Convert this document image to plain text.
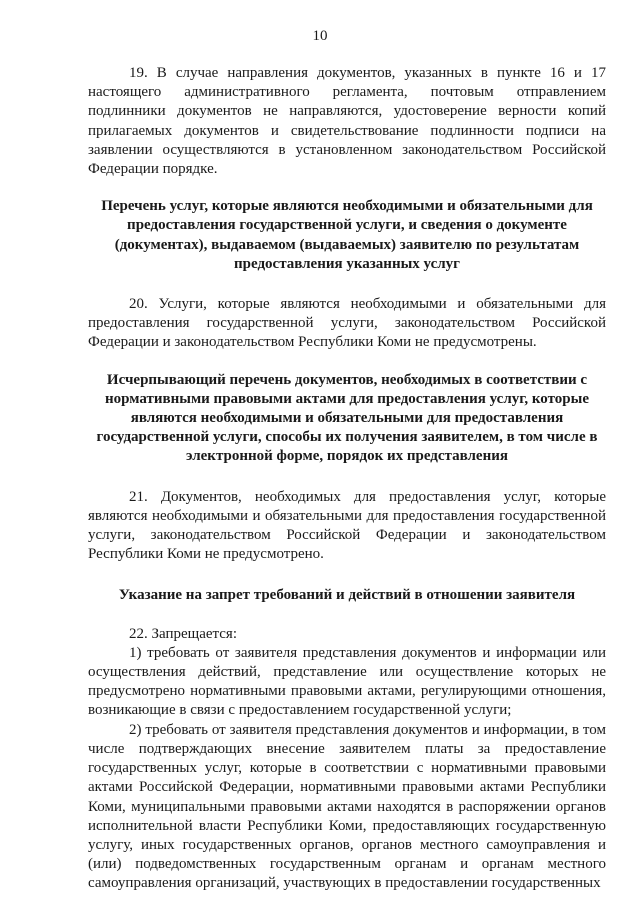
10

19. В случае направления документов, указанных в пункте 16 и 17 настоящего административного регламента, почтовым отправлением подлинники документов не направляются, удостоверение верности копий прилагаемых документов и свидетельствование подлинности подписи на заявлении осуществляются в установленном законодательством Российской Федерации порядке.

Перечень услуг, которые являются необходимыми и обязательными для предоставления государственной услуги, и сведения о документе (документах), выдаваемом (выдаваемых) заявителю по результатам предоставления указанных услуг

20. Услуги, которые являются необходимыми и обязательными для предоставления государственной услуги, законодательством Российской Федерации и законодательством Республики Коми не предусмотрены.

Исчерпывающий перечень документов, необходимых в соответствии с нормативными правовыми актами для предоставления услуг, которые являются необходимыми и обязательными для предоставления государственной услуги, способы их получения заявителем, в том числе в электронной форме, порядок их представления

21. Документов, необходимых для предоставления услуг, которые являются необходимыми и обязательными для предоставления государственной услуги, законодательством Российской Федерации и законодательством Республики Коми не предусмотрено.

Указание на запрет требований и действий в отношении заявителя

22. Запрещается:

1) требовать от заявителя представления документов и информации или осуществления действий, представление или осуществление которых не предусмотрено нормативными правовыми актами, регулирующими отношения, возникающие в связи с предоставлением государственной услуги;

2) требовать от заявителя представления документов и информации, в том числе подтверждающих внесение заявителем платы за предоставление государственных услуг, которые в соответствии с нормативными правовыми актами Российской Федерации, нормативными правовыми актами Республики Коми, муниципальными правовыми актами находятся в распоряжении органов исполнительной власти Республики Коми, предоставляющих государственную услугу, иных государственных органов, органов местного самоуправления и (или) подведомственных государственным органам и органам местного самоуправления организаций, участвующих в предоставлении государственных
